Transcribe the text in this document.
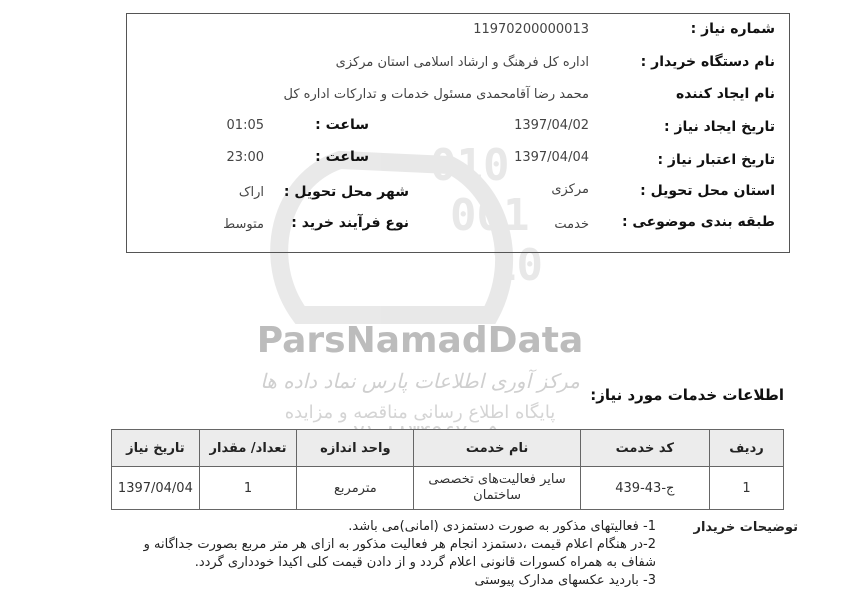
010
001
10
ParsNamadData
مرکز آوری اطلاعات پارس نماد داده ها
پایگاه اطلاع رسانی مناقصه و مزایده
شماره نیاز :
11970200000013
نام دستگاه خریدار :
اداره کل فرهنگ و ارشاد اسلامی استان مرکزی
نام ایجاد کننده
محمد رضا آقامحمدی مسئول خدمات و تدارکات اداره کل
تاریخ ایجاد نیاز :
1397/04/02
ساعت :
01:05
تاریخ اعتبار نیاز :
1397/04/04
ساعت :
23:00
استان محل تحویل :
مرکزی
شهر محل تحویل :
اراک
طبقه بندی موضوعی :
خدمت
نوع فرآیند خرید :
متوسط
اطلاعات خدمات مورد نیاز:
ردیف	کد خدمت	نام خدمت	واحد اندازه	تعداد/ مقدار	تاریخ نیاز
1	ج-43-439	سایر فعالیت‌های تخصصی ساختمان	مترمربع	1	1397/04/04
توضیحات خریدار
1- فعالیتهای مذکور به صورت دستمزدی (امانی)می باشد.
2-در هنگام اعلام قیمت ،دستمزد انجام هر فعالیت مذکور به ازای هر متر مربع بصورت جداگانه و شفاف به همراه کسورات قانونی اعلام گردد و از دادن قیمت کلی اکیدا خودداری گردد.
3- بارديد عکسهای مدارک پیوستی
